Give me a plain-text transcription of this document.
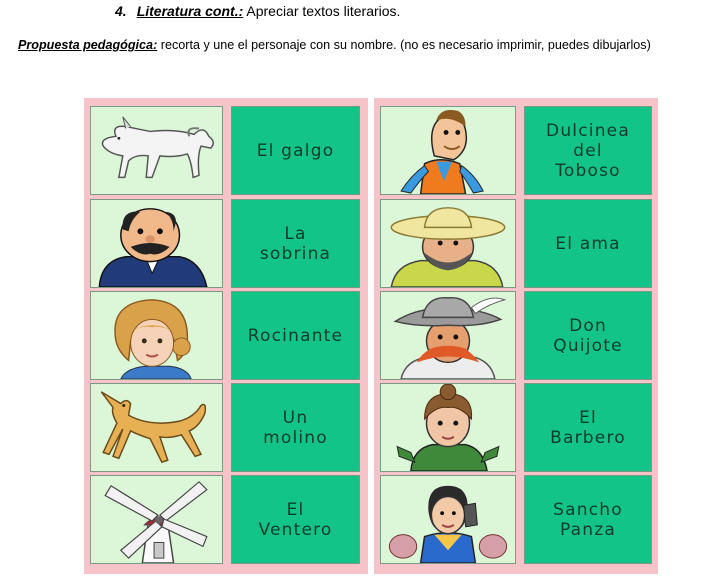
4. Literatura cont.: Apreciar textos literarios.
Propuesta pedagógica: recorta y une el personaje con su nombre. (no es necesario imprimir, puedes dibujarlos)
El galgo
La
sobrina
Rocinante
Un
molino
El
Ventero
Dulcinea
del
Toboso
El ama
Don
Quijote
El
Barbero
Sancho
Panza
